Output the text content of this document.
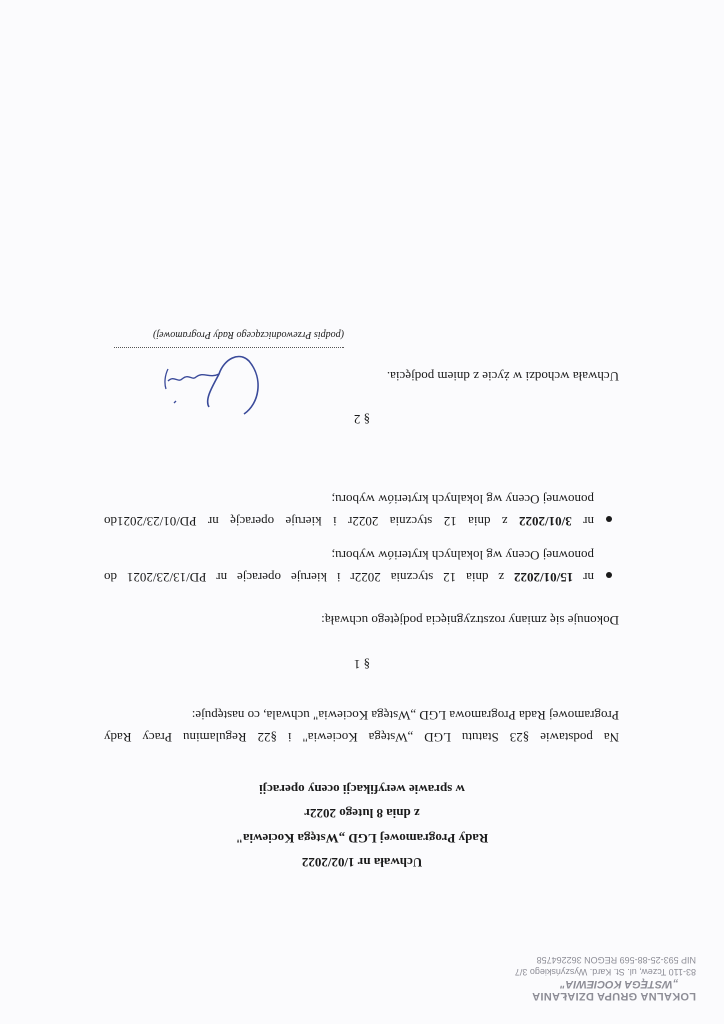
LOKALNA GRUPA DZIAŁANIA
„WSTĘGA KOCIEWIA"
83-110 Tczew, ul. St. Kard. Wyszyńskiego 3/7
NIP 593-25-88-569 REGON 362264758
Uchwała nr 1/02/2022
Rady Programowej LGD „Wstęga Kociewia"
z dnia 8 lutego 2022r
w sprawie weryfikacji oceny operacji
Na podstawie §23 Statutu LGD „Wstęga Kociewia" i §22 Regulaminu Pracy Rady
Programowej Rada Programowa LGD „Wstęga Kociewia" uchwala, co następuje:
§ 1
Dokonuje się zmiany rozstrzygnięcia podjętego uchwałą:
nr 15/01/2022 z dnia 12 stycznia 2022r i kieruje operacje nr PD/13/23/2021 do
ponownej Oceny wg lokalnych kryteriów wyboru;
nr 3/01/2022 z dnia 12 stycznia 2022r i kieruje operację nr PD/01/23/2021do
ponownej Oceny wg lokalnych kryteriów wyboru;
§ 2
Uchwała wchodzi w życie z dniem podjęcia.
(podpis Przewodniczącego Rady Programowej)
